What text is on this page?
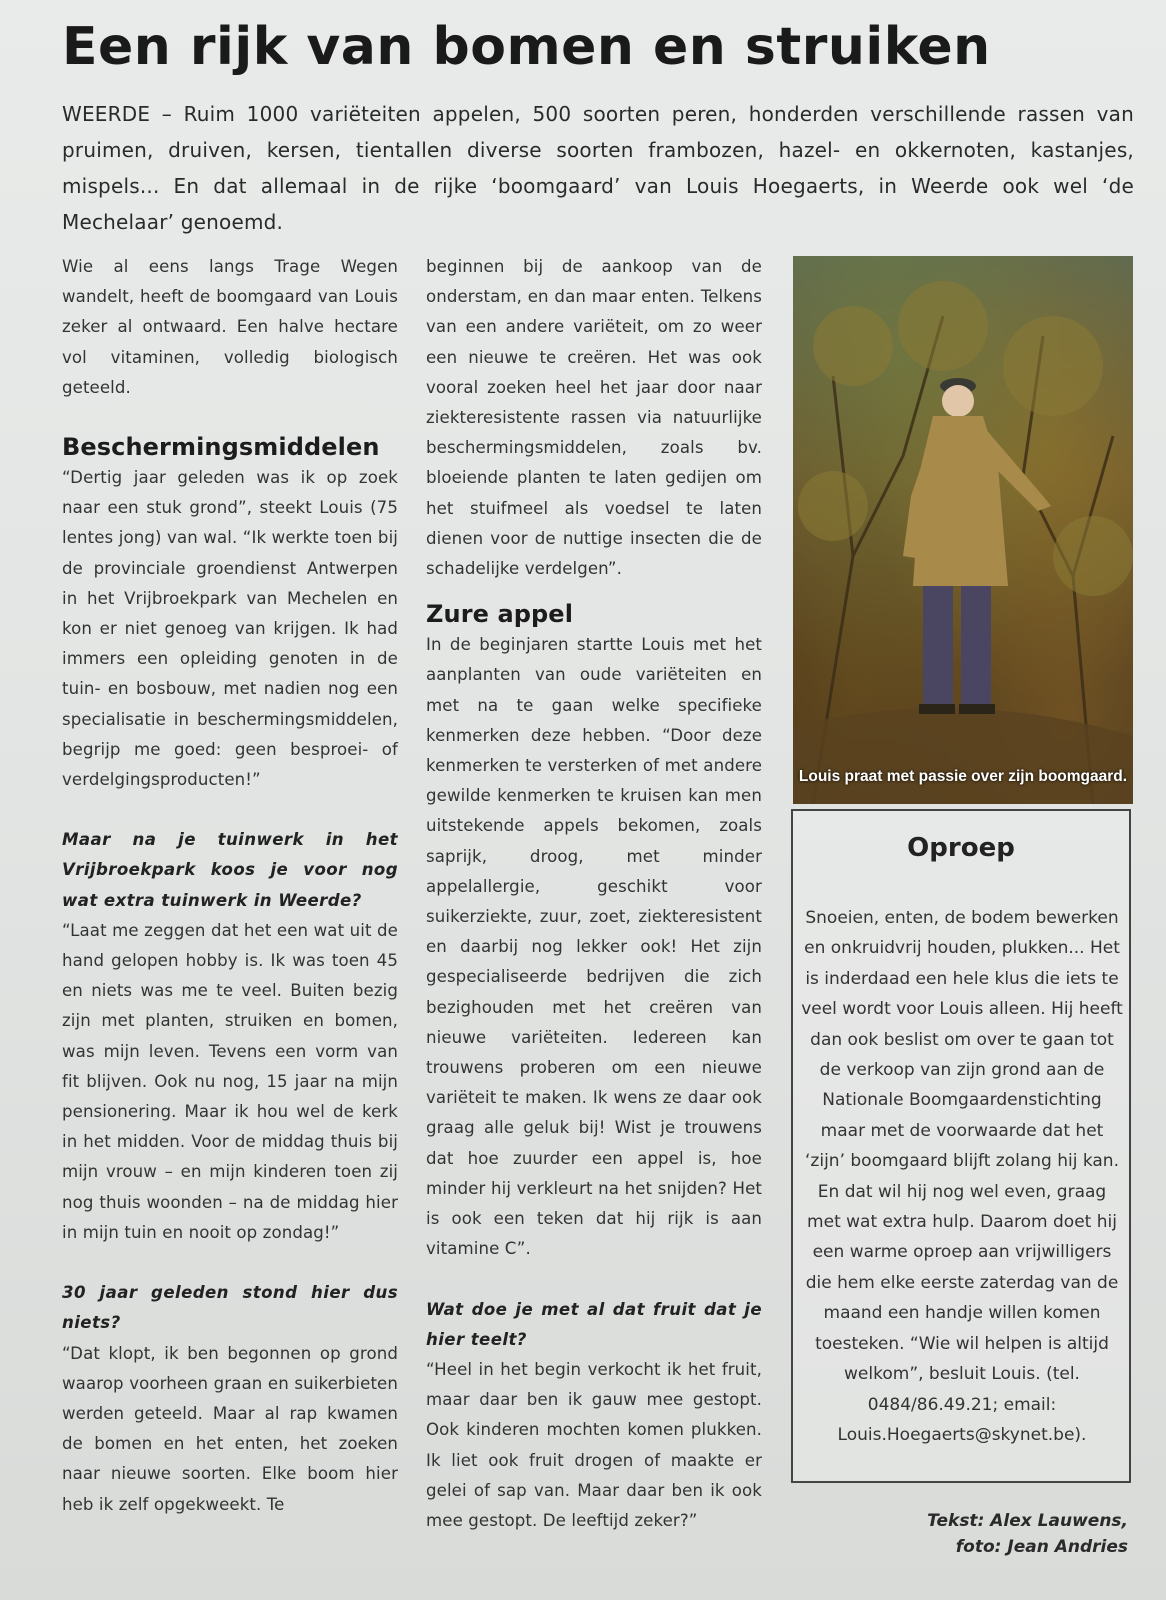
Een rijk van bomen en struiken
WEERDE – Ruim 1000 variëteiten appelen, 500 soorten peren, honderden verschillende rassen van pruimen, druiven, kersen, tientallen diverse soorten frambozen, hazel- en okkernoten, kastanjes, mispels... En dat allemaal in de rijke ‘boomgaard’ van Louis Hoegaerts, in Weerde ook wel ‘de Mechelaar’ genoemd.

Wie al eens langs Trage Wegen wandelt, heeft de boomgaard van Louis zeker al ontwaard. Een halve hectare vol vitaminen, volledig biologisch geteeld.

Beschermingsmiddelen

“Dertig jaar geleden was ik op zoek naar een stuk grond”, steekt Louis (75 lentes jong) van wal. “Ik werkte toen bij de provinciale groendienst Antwerpen in het Vrijbroekpark van Mechelen en kon er niet genoeg van krijgen. Ik had immers een opleiding genoten in de tuin- en bosbouw, met nadien nog een specialisatie in beschermingsmiddelen, begrijp me goed: geen besproei- of verdelgingsproducten!”

Maar na je tuinwerk in het Vrijbroekpark koos je voor nog wat extra tuinwerk in Weerde?

“Laat me zeggen dat het een wat uit de hand gelopen hobby is. Ik was toen 45 en niets was me te veel. Buiten bezig zijn met planten, struiken en bomen, was mijn leven. Tevens een vorm van fit blijven. Ook nu nog, 15 jaar na mijn pensionering. Maar ik hou wel de kerk in het midden. Voor de middag thuis bij mijn vrouw – en mijn kinderen toen zij nog thuis woonden – na de middag hier in mijn tuin en nooit op zondag!”

30 jaar geleden stond hier dus niets?

“Dat klopt, ik ben begonnen op grond waarop voorheen graan en suikerbieten werden geteeld. Maar al rap kwamen de bomen en het enten, het zoeken naar nieuwe soorten. Elke boom hier heb ik zelf opgekweekt. Te

beginnen bij de aankoop van de onderstam, en dan maar enten. Telkens van een andere variëteit, om zo weer een nieuwe te creëren. Het was ook vooral zoeken heel het jaar door naar ziekteresistente rassen via natuurlijke beschermingsmiddelen, zoals bv. bloeiende planten te laten gedijen om het stuifmeel als voedsel te laten dienen voor de nuttige insecten die de schadelijke verdelgen”.

Zure appel

In de beginjaren startte Louis met het aanplanten van oude variëteiten en met na te gaan welke specifieke kenmerken deze hebben. “Door deze kenmerken te versterken of met andere gewilde kenmerken te kruisen kan men uitstekende appels bekomen, zoals saprijk, droog, met minder appelallergie, geschikt voor suikerziekte, zuur, zoet, ziekteresistent en daarbij nog lekker ook! Het zijn gespecialiseerde bedrijven die zich bezighouden met het creëren van nieuwe variëteiten. Iedereen kan trouwens proberen om een nieuwe variëteit te maken. Ik wens ze daar ook graag alle geluk bij! Wist je trouwens dat hoe zuurder een appel is, hoe minder hij verkleurt na het snijden? Het is ook een teken dat hij rijk is aan vitamine C”.

Wat doe je met al dat fruit dat je hier teelt?

“Heel in het begin verkocht ik het fruit, maar daar ben ik gauw mee gestopt. Ook kinderen mochten komen plukken. Ik liet ook fruit drogen of maakte er gelei of sap van. Maar daar ben ik ook mee gestopt. De leeftijd zeker?”

Louis praat met passie over zijn boomgaard.
Oproep
Snoeien, enten, de bodem bewerken en onkruidvrij houden, plukken... Het is inderdaad een hele klus die iets te veel wordt voor Louis alleen. Hij heeft dan ook beslist om over te gaan tot de verkoop van zijn grond aan de Nationale Boomgaardenstichting maar met de voorwaarde dat het ‘zijn’ boomgaard blijft zolang hij kan. En dat wil hij nog wel even, graag met wat extra hulp. Daarom doet hij een warme oproep aan vrijwilligers die hem elke eerste zaterdag van de maand een handje willen komen toesteken. “Wie wil helpen is altijd welkom”, besluit Louis. (tel. 0484/86.49.21; email: Louis.Hoegaerts@skynet.be).
Tekst: Alex Lauwens,
foto: Jean Andries
